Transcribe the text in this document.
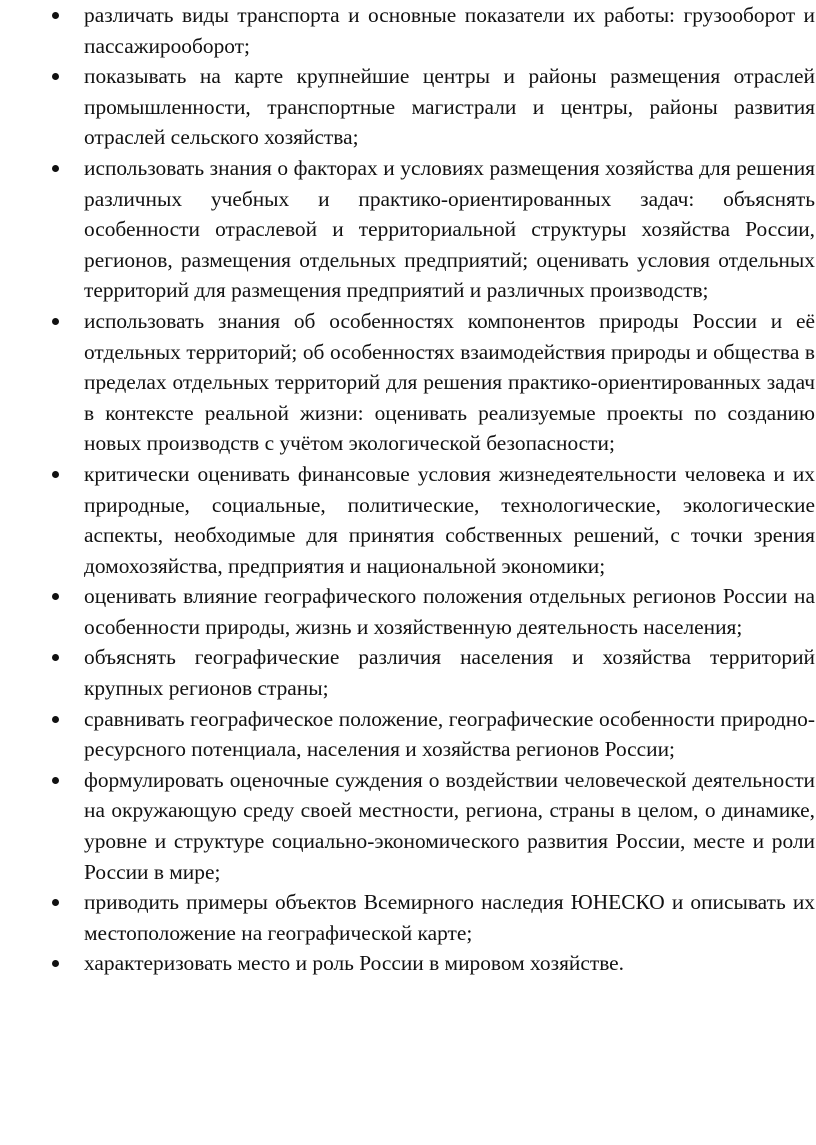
различать виды транспорта и основные показатели их работы: грузооборот и пассажирооборот;
показывать на карте крупнейшие центры и районы размещения отраслей промышленности, транспортные магистрали и центры, районы развития отраслей сельского хозяйства;
использовать знания о факторах и условиях размещения хозяйства для решения различных учебных и практико-ориентированных задач: объяснять особенности отраслевой и территориальной структуры хозяйства России, регионов, размещения отдельных предприятий; оценивать условия отдельных территорий для размещения предприятий и различных производств;
использовать знания об особенностях компонентов природы России и её отдельных территорий; об особенностях взаимодействия природы и общества в пределах отдельных территорий для решения практико-ориентированных задач в контексте реальной жизни: оценивать реализуемые проекты по созданию новых производств с учётом экологической безопасности;
критически оценивать финансовые условия жизнедеятельности человека и их природные, социальные, политические, технологические, экологические аспекты, необходимые для принятия собственных решений, с точки зрения домохозяйства, предприятия и национальной экономики;
оценивать влияние географического положения отдельных регионов России на особенности природы, жизнь и хозяйственную деятельность населения;
объяснять географические различия населения и хозяйства территорий крупных регионов страны;
сравнивать географическое положение, географические особенности природно-ресурсного потенциала, населения и хозяйства регионов России;
формулировать оценочные суждения о воздействии человеческой деятельности на окружающую среду своей местности, региона, страны в целом, о динамике, уровне и структуре социально-экономического развития России, месте и роли России в мире;
приводить примеры объектов Всемирного наследия ЮНЕСКО и описывать их местоположение на географической карте;
характеризовать место и роль России в мировом хозяйстве.
